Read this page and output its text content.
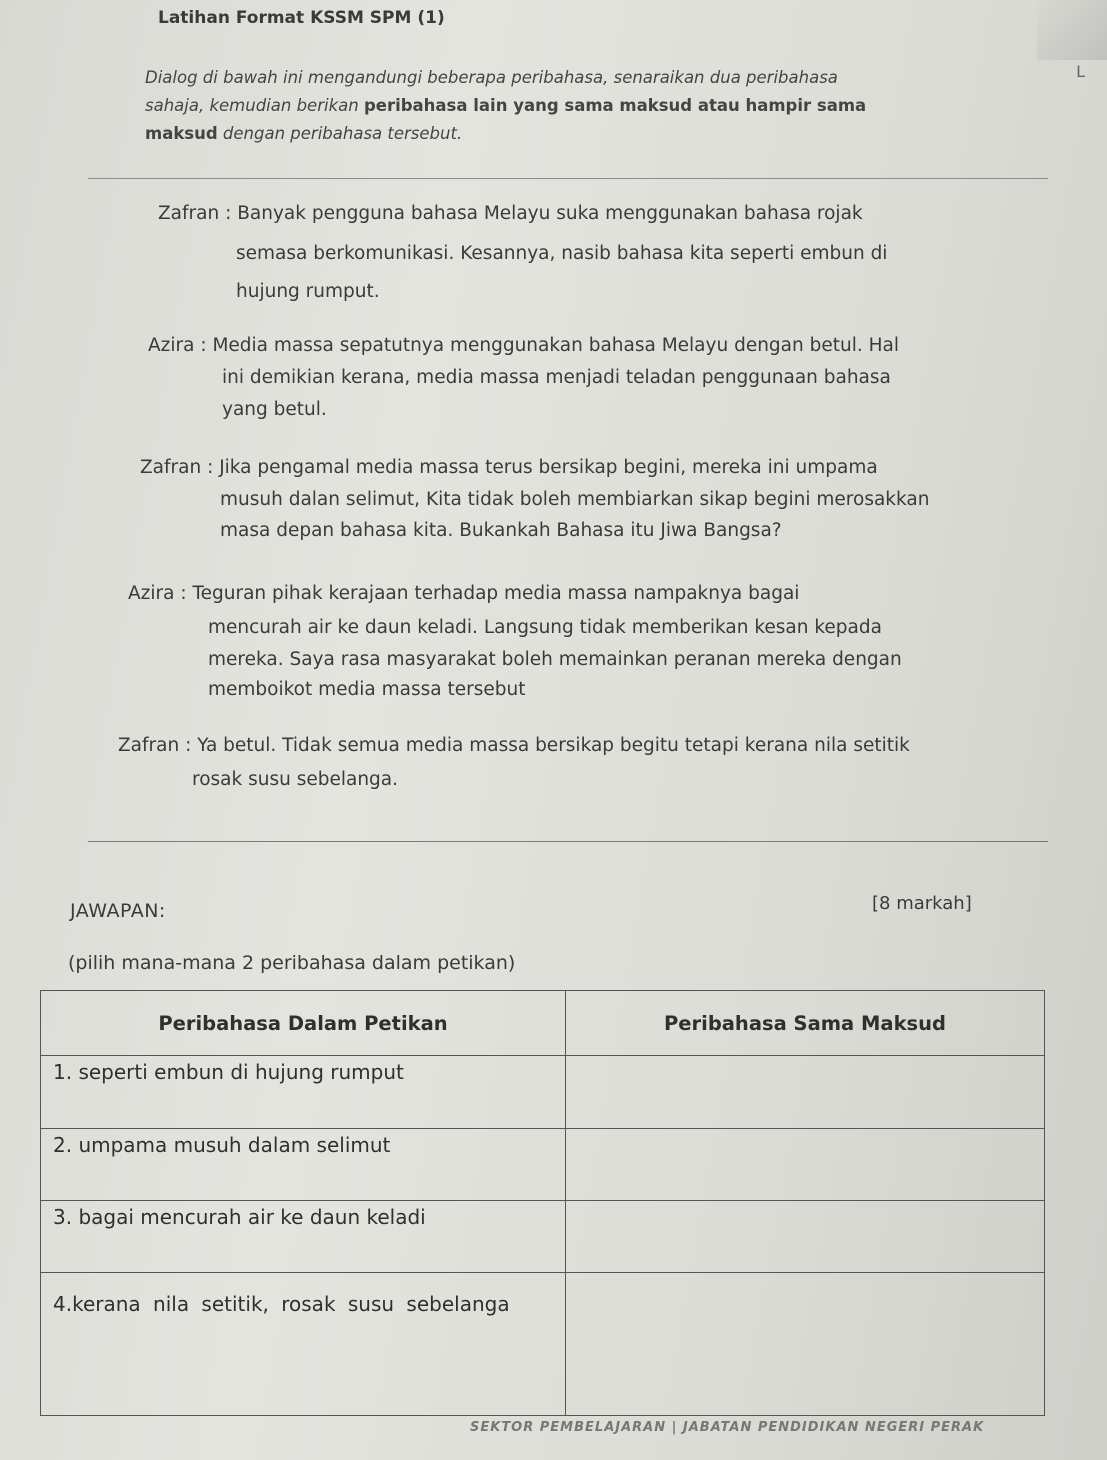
L
Latihan Format KSSM SPM (1)
Dialog di bawah ini mengandungi beberapa peribahasa, senaraikan dua peribahasa
sahaja, kemudian berikan peribahasa lain yang sama maksud atau hampir sama
maksud dengan peribahasa tersebut.
Zafran : Banyak pengguna bahasa Melayu suka menggunakan bahasa rojak
semasa berkomunikasi. Kesannya, nasib bahasa kita seperti embun di
hujung rumput.
Azira : Media massa sepatutnya menggunakan bahasa Melayu dengan betul. Hal
ini demikian kerana, media massa menjadi teladan penggunaan bahasa
yang betul.
Zafran : Jika pengamal media massa terus bersikap begini, mereka ini umpama
musuh dalan selimut, Kita tidak boleh membiarkan sikap begini merosakkan
masa depan bahasa kita. Bukankah Bahasa itu Jiwa Bangsa?
Azira : Teguran pihak kerajaan terhadap media massa nampaknya bagai
mencurah air ke daun keladi. Langsung tidak memberikan kesan kepada
mereka. Saya rasa masyarakat boleh memainkan peranan mereka dengan
memboikot media massa tersebut
Zafran : Ya betul. Tidak semua media massa bersikap begitu tetapi kerana nila setitik
rosak susu sebelanga.
JAWAPAN:	[8 markah]
(pilih mana-mana 2 peribahasa dalam petikan)
Peribahasa Dalam Petikan	Peribahasa Sama Maksud
1. seperti embun di hujung rumput	
2. umpama musuh dalam selimut	
3. bagai mencurah air ke daun keladi	
4.kerana nila setitik, rosak susu sebelanga	
SEKTOR PEMBELAJARAN | JABATAN PENDIDIKAN NEGERI PERAK
